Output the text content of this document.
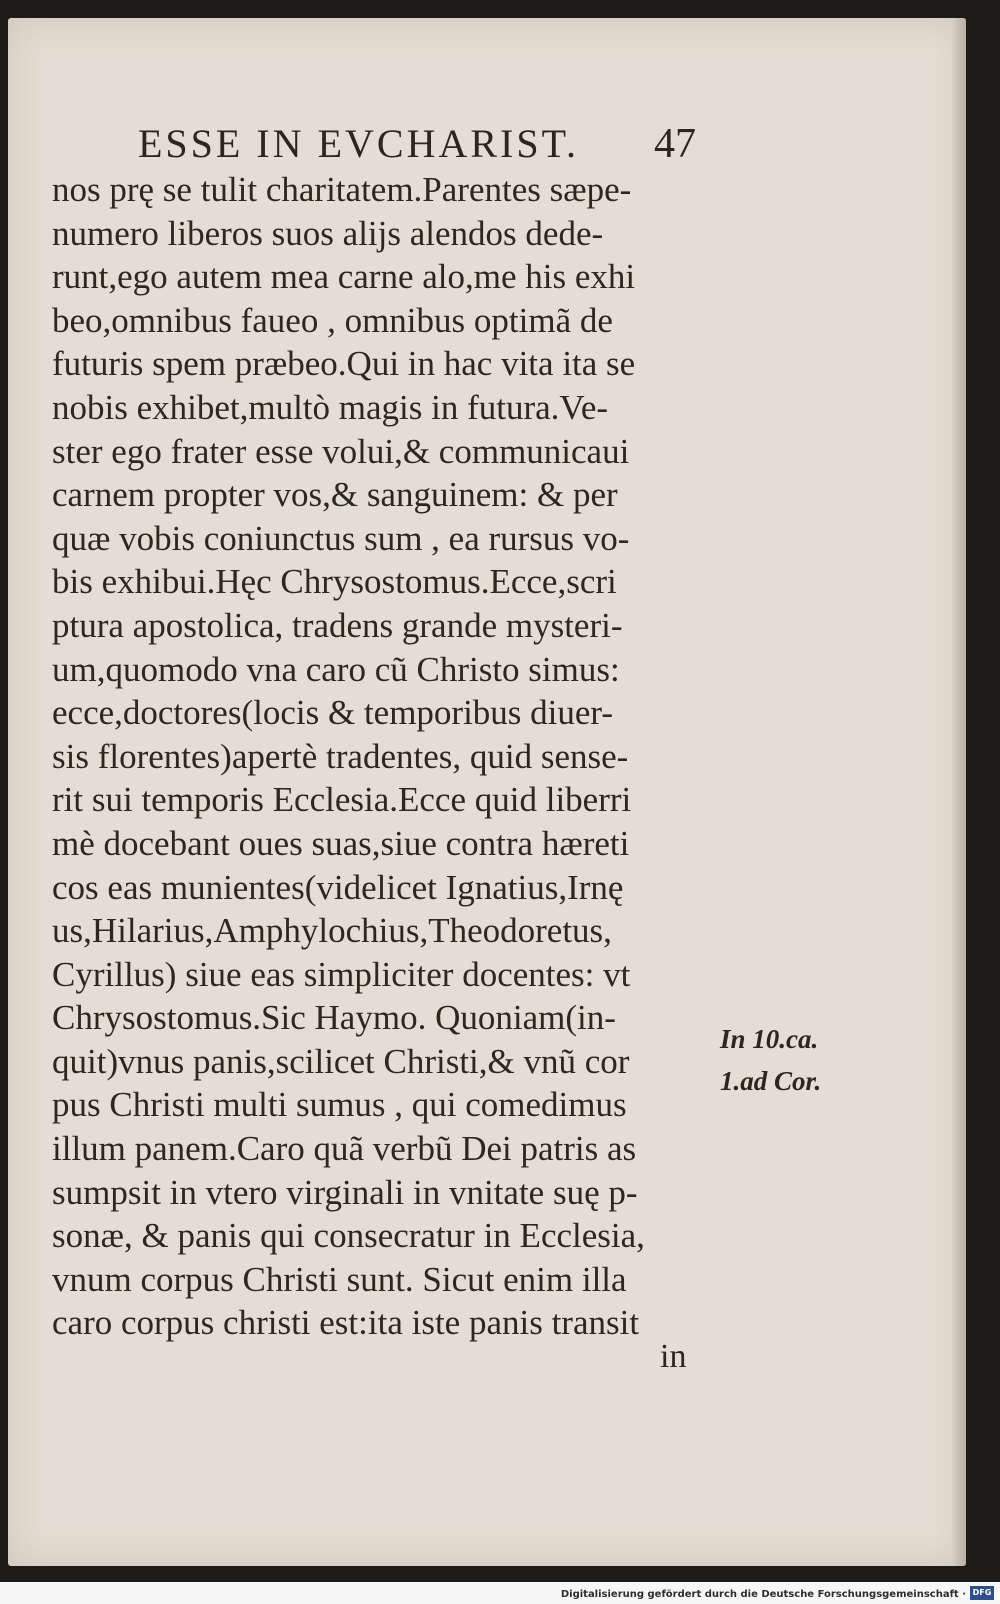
ESSE IN EVCHARIST. 47
nos prę se tulit charitatem.Parentes sæpe-
numero liberos suos alijs alendos dede-
runt,ego autem mea carne alo,me his exhi
beo,omnibus faueo , omnibus optimã de
futuris spem præbeo.Qui in hac vita ita se
nobis exhibet,multò magis in futura.Ve-
ster ego frater esse volui,& communicaui
carnem propter vos,& sanguinem: & per
quæ vobis coniunctus sum , ea rursus vo-
bis exhibui.Hęc Chrysostomus.Ecce,scri
ptura apostolica, tradens grande mysteri-
um,quomodo vna caro cũ Christo simus:
ecce,doctores(locis & temporibus diuer-
sis florentes)apertè tradentes, quid sense-
rit sui temporis Ecclesia.Ecce quid liberri
mè docebant oues suas,siue contra hæreti
cos eas munientes(videlicet Ignatius,Irnę
us,Hilarius,Amphylochius,Theodoretus,
Cyrillus) siue eas simpliciter docentes: vt
Chrysostomus.Sic Haymo. Quoniam(in-
quit)vnus panis,scilicet Christi,& vnũ cor
pus Christi multi sumus , qui comedimus
illum panem.Caro quã verbũ Dei patris as
sumpsit in vtero virginali in vnitate suę p-
sonæ, & panis qui consecratur in Ecclesia,
vnum corpus Christi sunt. Sicut enim illa
caro corpus christi est:ita iste panis transit
in
In 10.ca.
1.ad Cor.
Digitalisierung gefördert durch die Deutsche Forschungsgemeinschaft · DFG
